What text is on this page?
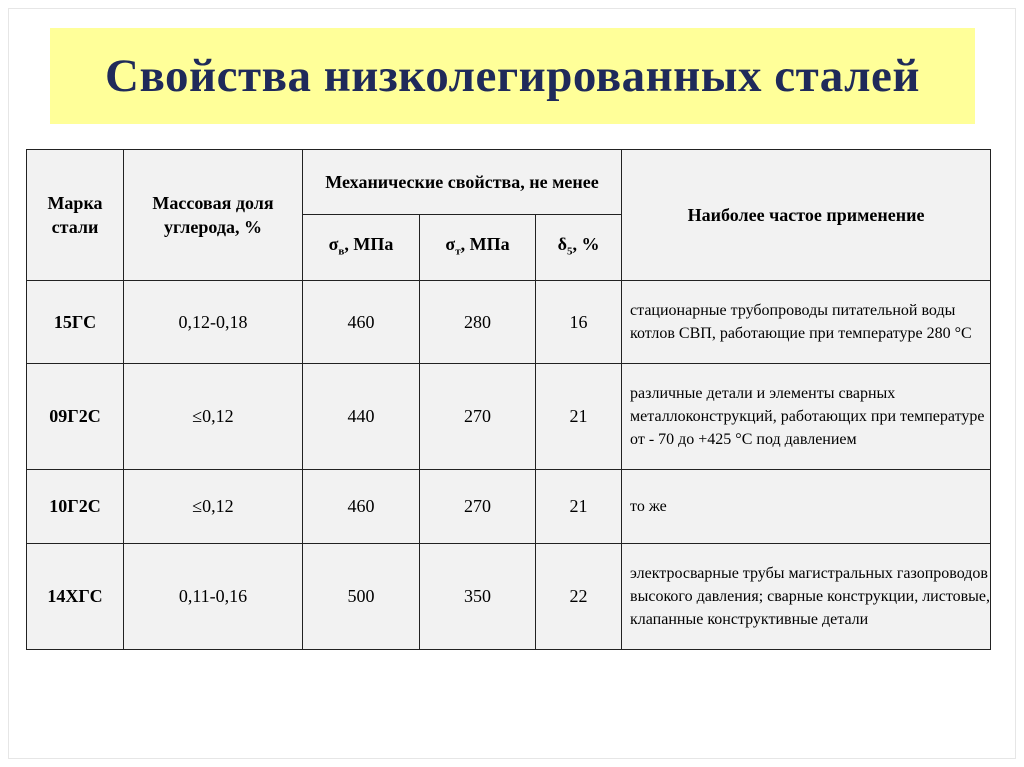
Свойства низколегированных сталей
Марка стали	Массовая доля углерода, %	Механические свойства, не менее			Наиболее частое применение
		$\sigma_в$, МПа	$\sigma_т$, МПа	$\delta_5$, %	
15ГС	0,12-0,18	460	280	16	стационарные трубопроводы питательной воды котлов СВП, работающие при температуре 280 °С
09Г2С	≤0,12	440	270	21	различные детали и элементы сварных металлоконструкций, работающих при температуре от - 70 до +425 °С под давлением
10Г2С	≤0,12	460	270	21	то же
14ХГС	0,11-0,16	500	350	22	электросварные трубы магистральных газопроводов высокого давления; сварные конструкции, листовые, клапанные конструктивные детали
